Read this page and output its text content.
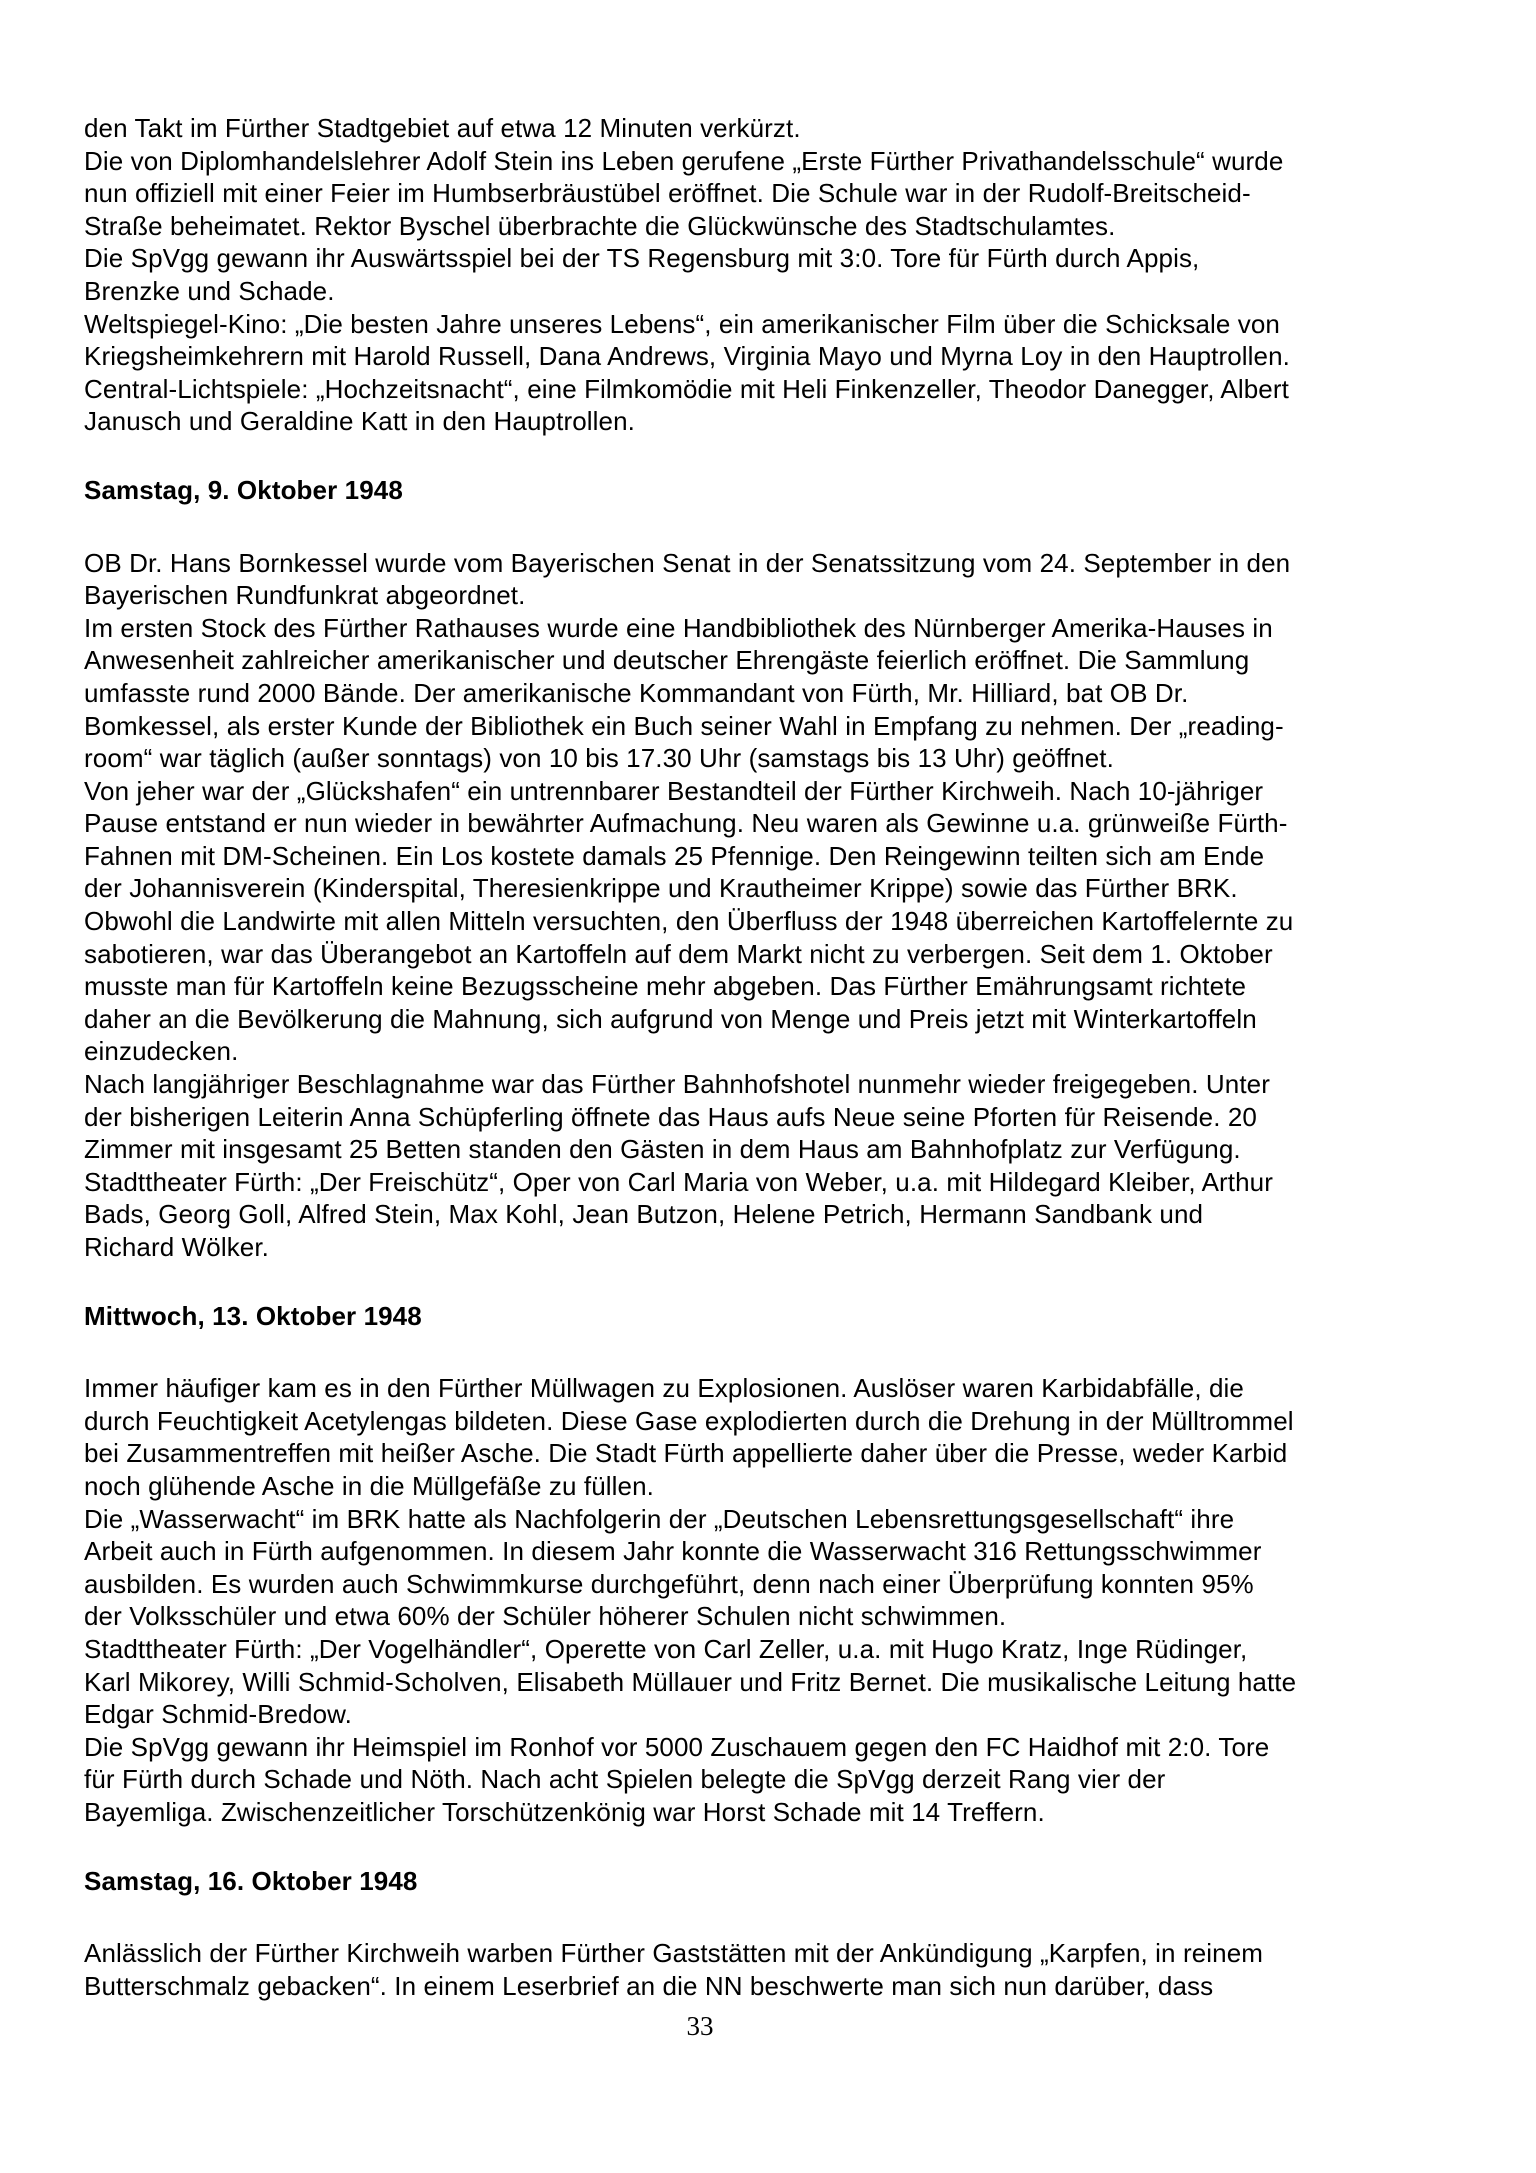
den Takt im Fürther Stadtgebiet auf etwa 12 Minuten verkürzt.
Die von Diplomhandelslehrer Adolf Stein ins Leben gerufene „Erste Fürther Privathandelsschule“ wurde
nun offiziell mit einer Feier im Humbserbräustübel eröffnet. Die Schule war in der Rudolf-Breitscheid-
Straße beheimatet. Rektor Byschel überbrachte die Glückwünsche des Stadtschulamtes.
Die SpVgg gewann ihr Auswärtsspiel bei der TS Regensburg mit 3:0. Tore für Fürth durch Appis,
Brenzke und Schade.
Weltspiegel-Kino: „Die besten Jahre unseres Lebens“, ein amerikanischer Film über die Schicksale von
Kriegsheimkehrern mit Harold Russell, Dana Andrews, Virginia Mayo und Myrna Loy in den Hauptrollen.
Central-Lichtspiele: „Hochzeitsnacht“, eine Filmkomödie mit Heli Finkenzeller, Theodor Danegger, Albert
Janusch und Geraldine Katt in den Hauptrollen.
Samstag, 9. Oktober 1948
OB Dr. Hans Bornkessel wurde vom Bayerischen Senat in der Senatssitzung vom 24. September in den
Bayerischen Rundfunkrat abgeordnet.
Im ersten Stock des Fürther Rathauses wurde eine Handbibliothek des Nürnberger Amerika-Hauses in
Anwesenheit zahlreicher amerikanischer und deutscher Ehrengäste feierlich eröffnet. Die Sammlung
umfasste rund 2000 Bände. Der amerikanische Kommandant von Fürth, Mr. Hilliard, bat OB Dr.
Bomkessel, als erster Kunde der Bibliothek ein Buch seiner Wahl in Empfang zu nehmen. Der „reading-
room“ war täglich (außer sonntags) von 10 bis 17.30 Uhr (samstags bis 13 Uhr) geöffnet.
Von jeher war der „Glückshafen“ ein untrennbarer Bestandteil der Fürther Kirchweih. Nach 10-jähriger
Pause entstand er nun wieder in bewährter Aufmachung. Neu waren als Gewinne u.a. grünweiße Fürth-
Fahnen mit DM-Scheinen. Ein Los kostete damals 25 Pfennige. Den Reingewinn teilten sich am Ende
der Johannisverein (Kinderspital, Theresienkrippe und Krautheimer Krippe) sowie das Fürther BRK.
Obwohl die Landwirte mit allen Mitteln versuchten, den Überfluss der 1948 überreichen Kartoffelernte zu
sabotieren, war das Überangebot an Kartoffeln auf dem Markt nicht zu verbergen. Seit dem 1. Oktober
musste man für Kartoffeln keine Bezugsscheine mehr abgeben. Das Fürther Emährungsamt richtete
daher an die Bevölkerung die Mahnung, sich aufgrund von Menge und Preis jetzt mit Winterkartoffeln
einzudecken.
Nach langjähriger Beschlagnahme war das Fürther Bahnhofshotel nunmehr wieder freigegeben. Unter
der bisherigen Leiterin Anna Schüpferling öffnete das Haus aufs Neue seine Pforten für Reisende. 20
Zimmer mit insgesamt 25 Betten standen den Gästen in dem Haus am Bahnhofplatz zur Verfügung.
Stadttheater Fürth: „Der Freischütz“, Oper von Carl Maria von Weber, u.a. mit Hildegard Kleiber, Arthur
Bads, Georg Goll, Alfred Stein, Max Kohl, Jean Butzon, Helene Petrich, Hermann Sandbank und
Richard Wölker.
Mittwoch, 13. Oktober 1948
Immer häufiger kam es in den Fürther Müllwagen zu Explosionen. Auslöser waren Karbidabfälle, die
durch Feuchtigkeit Acetylengas bildeten. Diese Gase explodierten durch die Drehung in der Mülltrommel
bei Zusammentreffen mit heißer Asche. Die Stadt Fürth appellierte daher über die Presse, weder Karbid
noch glühende Asche in die Müllgefäße zu füllen.
Die „Wasserwacht“ im BRK hatte als Nachfolgerin der „Deutschen Lebensrettungsgesellschaft“ ihre
Arbeit auch in Fürth aufgenommen. In diesem Jahr konnte die Wasserwacht 316 Rettungsschwimmer
ausbilden. Es wurden auch Schwimmkurse durchgeführt, denn nach einer Überprüfung konnten 95%
der Volksschüler und etwa 60% der Schüler höherer Schulen nicht schwimmen.
Stadttheater Fürth: „Der Vogelhändler“, Operette von Carl Zeller, u.a. mit Hugo Kratz, Inge Rüdinger,
Karl Mikorey, Willi Schmid-Scholven, Elisabeth Müllauer und Fritz Bernet. Die musikalische Leitung hatte
Edgar Schmid-Bredow.
Die SpVgg gewann ihr Heimspiel im Ronhof vor 5000 Zuschauem gegen den FC Haidhof mit 2:0. Tore
für Fürth durch Schade und Nöth. Nach acht Spielen belegte die SpVgg derzeit Rang vier der
Bayemliga. Zwischenzeitlicher Torschützenkönig war Horst Schade mit 14 Treffern.
Samstag, 16. Oktober 1948
Anlässlich der Fürther Kirchweih warben Fürther Gaststätten mit der Ankündigung „Karpfen, in reinem
Butterschmalz gebacken“. In einem Leserbrief an die NN beschwerte man sich nun darüber, dass
33
